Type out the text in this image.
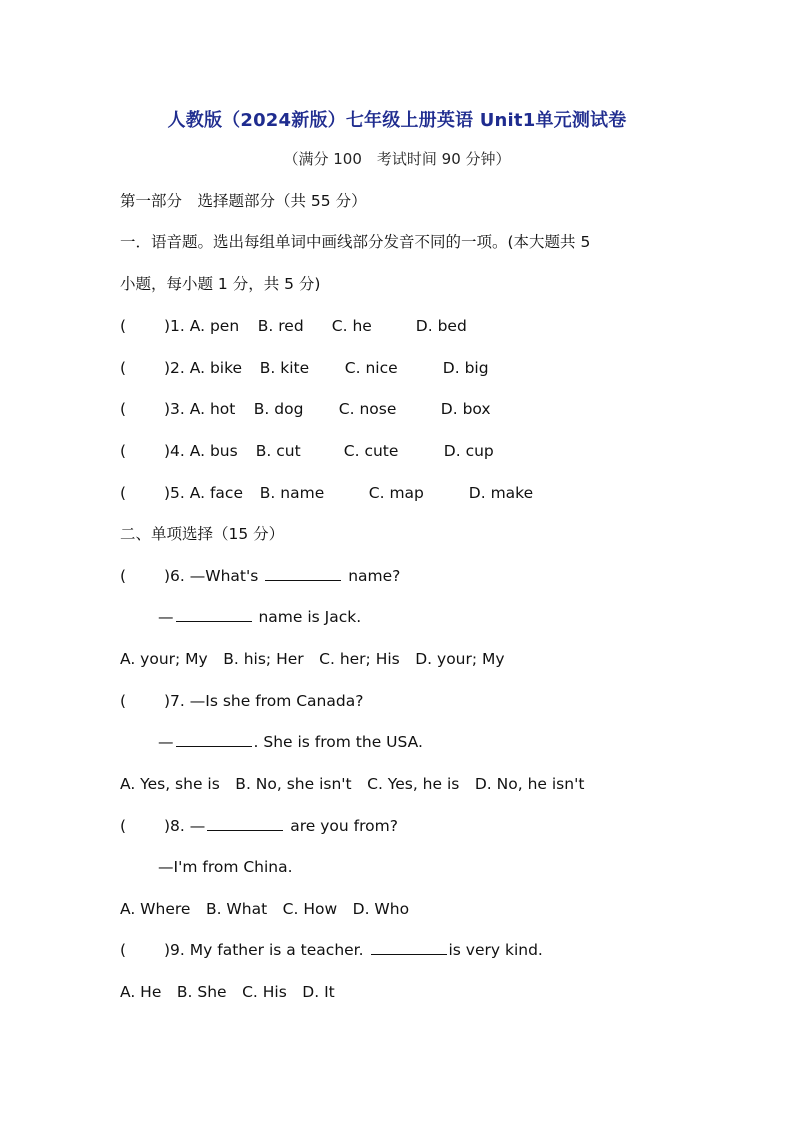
人教版（2024新版）七年级上册英语 Unit1单元测试卷
（满分 100　考试时间 90 分钟）
第一部分　选择题部分（共 55 分）
一．语音题。选出每组单词中画线部分发音不同的一项。(本大题共 5
小题，每小题 1 分，共 5 分)
( )1. A. pen B. red C. he	D. bed
( )2. A. bike B. kite C. nice	D. big
( )3. A. hot B. dog C. nose	D. box
( )4. A. bus B. cut	C. cute	D. cup
( )5. A. face B. name	C. map	D. make
二、单项选择（15 分）
( )6. —What's	name?
—	name is Jack.
A. your; My　B. his; Her　C. her; His　D. your; My
( )7. —Is she from Canada?
—	. She is from the USA.
A. Yes, she is　B. No, she isn't　C. Yes, he is　D. No, he isn't
( )8. —	are you from?
—I'm from China.
A. Where　B. What　C. How　D. Who
( )9. My father is a teacher.	is very kind.
A. He　B. She　C. His　D. It
